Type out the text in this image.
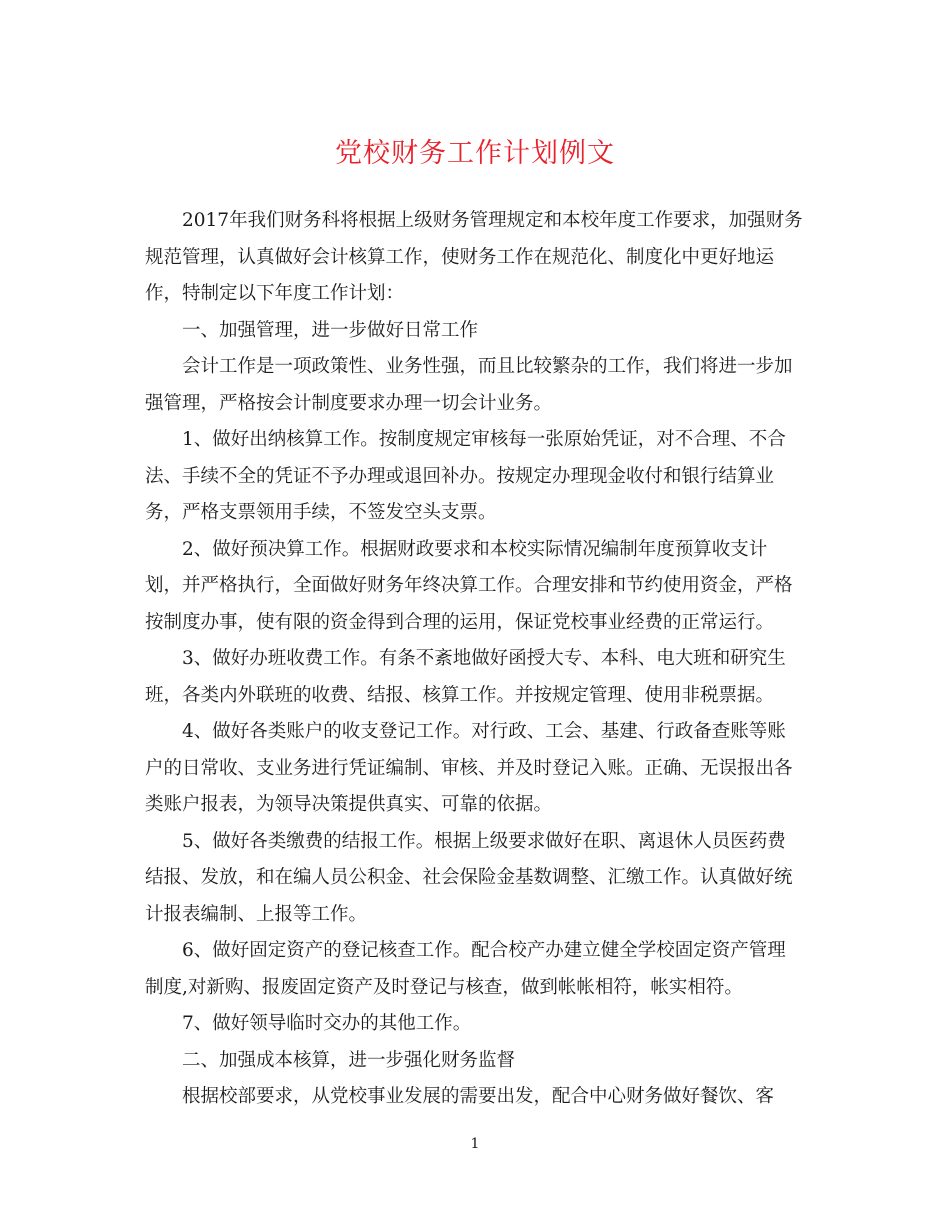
党校财务工作计划例文

2017年我们财务科将根据上级财务管理规定和本校年度工作要求，加强财务
规范管理，认真做好会计核算工作，使财务工作在规范化、制度化中更好地运
作，特制定以下年度工作计划：

一、加强管理，进一步做好日常工作

会计工作是一项政策性、业务性强，而且比较繁杂的工作，我们将进一步加
强管理，严格按会计制度要求办理一切会计业务。

1、做好出纳核算工作。按制度规定审核每一张原始凭证，对不合理、不合
法、手续不全的凭证不予办理或退回补办。按规定办理现金收付和银行结算业
务，严格支票领用手续，不签发空头支票。

2、做好预决算工作。根据财政要求和本校实际情况编制年度预算收支计
划，并严格执行，全面做好财务年终决算工作。合理安排和节约使用资金，严格
按制度办事，使有限的资金得到合理的运用，保证党校事业经费的正常运行。

3、做好办班收费工作。有条不紊地做好函授大专、本科、电大班和研究生
班，各类内外联班的收费、结报、核算工作。并按规定管理、使用非税票据。

4、做好各类账户的收支登记工作。对行政、工会、基建、行政备查账等账
户的日常收、支业务进行凭证编制、审核、并及时登记入账。正确、无误报出各
类账户报表，为领导决策提供真实、可靠的依据。

5、做好各类缴费的结报工作。根据上级要求做好在职、离退休人员医药费
结报、发放，和在编人员公积金、社会保险金基数调整、汇缴工作。认真做好统
计报表编制、上报等工作。

6、做好固定资产的登记核查工作。配合校产办建立健全学校固定资产管理
制度,对新购、报废固定资产及时登记与核查，做到帐帐相符，帐实相符。

7、做好领导临时交办的其他工作。

二、加强成本核算，进一步强化财务监督

根据校部要求，从党校事业发展的需要出发，配合中心财务做好餐饮、客

1
